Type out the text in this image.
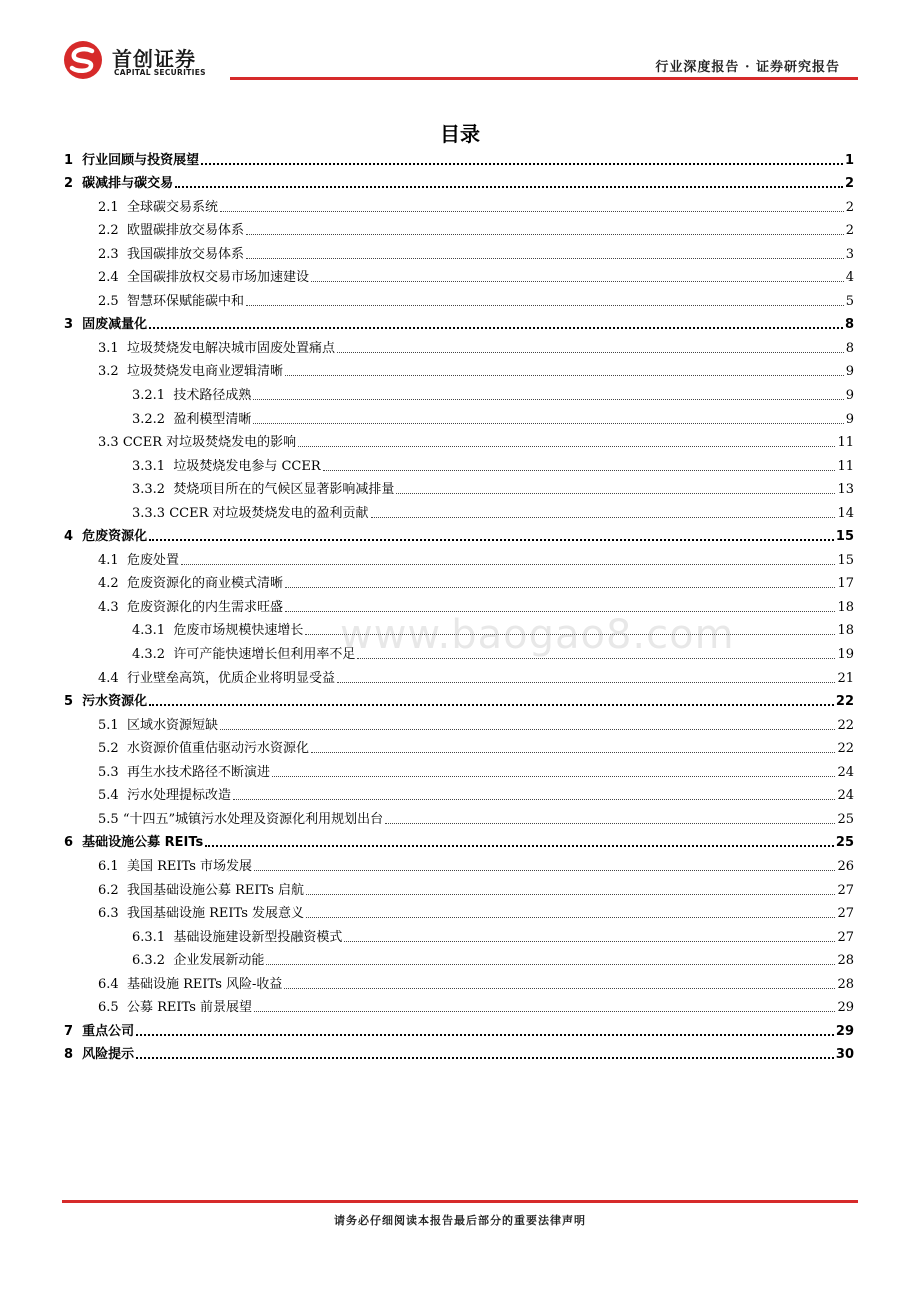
首创证券
CAPITAL SECURITIES	行业深度报告 · 证券研究报告
目录
1 行业回顾与投资展望	1
2 碳减排与碳交易	2
2.1 全球碳交易系统	2
2.2 欧盟碳排放交易体系	2
2.3 我国碳排放交易体系	3
2.4 全国碳排放权交易市场加速建设	4
2.5 智慧环保赋能碳中和	5
3 固废减量化	8
3.1 垃圾焚烧发电解决城市固废处置痛点	8
3.2 垃圾焚烧发电商业逻辑清晰	9
3.2.1 技术路径成熟	9
3.2.2 盈利模型清晰	9
3.3 CCER 对垃圾焚烧发电的影响	11
3.3.1 垃圾焚烧发电参与 CCER	11
3.3.2 焚烧项目所在的气候区显著影响减排量	13
3.3.3 CCER 对垃圾焚烧发电的盈利贡献	14
4 危废资源化	15
4.1 危废处置	15
4.2 危废资源化的商业模式清晰	17
4.3 危废资源化的内生需求旺盛	18
4.3.1 危废市场规模快速增长	18
4.3.2 许可产能快速增长但利用率不足	19
4.4 行业壁垒高筑，优质企业将明显受益	21
5 污水资源化	22
5.1 区域水资源短缺	22
5.2 水资源价值重估驱动污水资源化	22
5.3 再生水技术路径不断演进	24
5.4 污水处理提标改造	24
5.5 “十四五”城镇污水处理及资源化利用规划出台	25
6 基础设施公募 REITs	25
6.1 美国 REITs 市场发展	26
6.2 我国基础设施公募 REITs 启航	27
6.3 我国基础设施 REITs 发展意义	27
6.3.1 基础设施建设新型投融资模式	27
6.3.2 企业发展新动能	28
6.4 基础设施 REITs 风险-收益	28
6.5 公募 REITs 前景展望	29
7 重点公司	29
8 风险提示	30
www.baogao8.com
请务必仔细阅读本报告最后部分的重要法律声明
